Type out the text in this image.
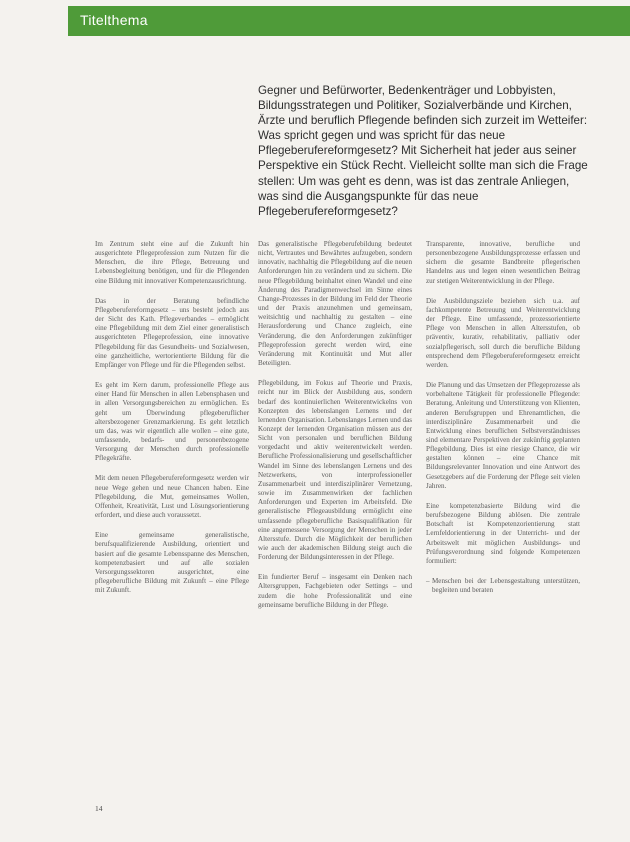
Titelthema

Gegner und Befürworter, Bedenkenträger und Lobbyisten, Bildungsstrategen und Politiker, Sozialverbände und Kirchen, Ärzte und beruflich Pflegende befinden sich zurzeit im Wetteifer: Was spricht gegen und was spricht für das neue Pflegeberufereformgesetz? Mit Sicherheit hat jeder aus seiner Perspektive ein Stück Recht. Vielleicht sollte man sich die Frage stellen: Um was geht es denn, was ist das zentrale Anliegen, was sind die Ausgangspunkte für das neue Pflegeberufereformgesetz?

Im Zentrum steht eine auf die Zukunft hin ausgerichtete Pflegeprofession zum Nutzen für die Menschen, die ihre Pflege, Betreuung und Lebensbegleitung benötigen, und für die Pflegenden eine Bildung mit innovativer Kompetenzausrichtung.

Das in der Beratung befindliche Pflegeberufereformgesetz – uns besteht jedoch aus der Sicht des Kath. Pflegeverbandes – ermöglicht eine Pflegebildung mit dem Ziel einer generalistisch ausgerichteten Pflegeprofession, eine innovative Pflegebildung für das Gesundheits- und Sozialwesen, eine ganzheitliche, wertorientierte Bildung für die Empfänger von Pflege und für die Pflegenden selbst.

Es geht im Kern darum, professionelle Pflege aus einer Hand für Menschen in allen Lebensphasen und in allen Versorgungsbereichen zu ermöglichen. Es geht um Überwindung pflegeberuflicher altersbezogener Grenzmarkierung. Es geht letztlich um das, was wir eigentlich alle wollen – eine gute, umfassende, bedarfs- und personenbezogene Versorgung der Menschen durch professionelle Pflegekräfte.

Mit dem neuen Pflegeberufereformgesetz werden wir neue Wege gehen und neue Chancen haben. Eine Pflegebildung, die Mut, gemeinsames Wollen, Offenheit, Kreativität, Lust und Lösungsorientierung erfordert, und diese auch voraussetzt.

Eine gemeinsame generalistische, berufsqualifizierende Ausbildung, orientiert und basiert auf die gesamte Lebensspanne des Menschen, kompetenzbasiert und auf alle sozialen Versorgungssektoren ausgerichtet, eine pflegeberufliche Bildung mit Zukunft – eine Pflege mit Zukunft.

Das generalistische Pflegeberufebildung bedeutet nicht, Vertrautes und Bewährtes aufzugeben, sondern innovativ, nachhaltig die Pflegebildung auf die neuen Anforderungen hin zu verändern und zu sichern. Die neue Pflegebildung beinhaltet einen Wandel und eine Änderung des Paradigmenwechsel im Sinne eines Change-Prozesses in der Bildung im Feld der Theorie und der Praxis anzunehmen und gemeinsam, weitsichtig und nachhaltig zu gestalten – eine Herausforderung und Chance zugleich, eine Veränderung, die den Anforderungen zukünftiger Pflegeprofession gerecht werden wird, eine Veränderung mit Kontinuität und Mut aller Beteiligten.

Pflegebildung, im Fokus auf Theorie und Praxis, reicht nur im Blick der Ausbildung aus, sondern bedarf des kontinuierlichen Weiterentwickelns von Konzepten des lebenslangen Lernens und der lernenden Organisation. Lebenslanges Lernen und das Konzept der lernenden Organisation müssen aus der Sicht von personalen und beruflichen Bildung vorgedacht und aktiv weiterentwickelt werden. Berufliche Professionalisierung und gesellschaftlicher Wandel im Sinne des lebenslangen Lernens und des Netzwerkens, von interprofessioneller Zusammenarbeit und interdisziplinärer Vernetzung, sowie im Zusammenwirken der fachlichen Anforderungen und Experten im Arbeitsfeld. Die generalistische Pflegeausbildung ermöglicht eine umfassende pflegeberufliche Basisqualifikation für eine angemessene Versorgung der Menschen in jeder Altersstufe. Durch die Möglichkeit der beruflichen wie auch der akademischen Bildung steigt auch die Forderung der Bildungsinteressen in der Pflege.

Ein fundierter Beruf – insgesamt ein Denken nach Altersgruppen, Fachgebieten oder Settings – und zudem die hohe Professionalität und eine gemeinsame berufliche Bildung in der Pflege.

Transparente, innovative, berufliche und personenbezogene Ausbildungsprozesse erfassen und sichern die gesamte Bandbreite pflegerischen Handelns aus und legen einen wesentlichen Beitrag zur stetigen Weiterentwicklung in der Pflege.

Die Ausbildungsziele beziehen sich u.a. auf fachkompetente Betreuung und Weiterentwicklung der Pflege. Eine umfassende, prozessorientierte Pflege von Menschen in allen Altersstufen, ob präventiv, kurativ, rehabilitativ, palliativ oder sozialpflegerisch, soll durch die berufliche Bildung entsprechend dem Pflegeberufereformgesetz erreicht werden.

Die Planung und das Umsetzen der Pflegeprozesse als vorbehaltene Tätigkeit für professionelle Pflegende: Beratung, Anleitung und Unterstützung von Klienten, anderen Berufsgruppen und Ehrenamtlichen, die interdisziplinäre Zusammenarbeit und die Entwicklung eines beruflichen Selbstverständnisses sind elementare Perspektiven der zukünftig geplanten Pflegebildung. Dies ist eine riesige Chance, die wir gestalten können – eine Chance mit Bildungsrelevanter Innovation und eine Antwort des Gesetzgebers auf die Forderung der Pflege seit vielen Jahren.

Eine kompetenzbasierte Bildung wird die berufsbezogene Bildung ablösen. Die zentrale Botschaft ist Kompetenzorientierung statt Lernfeldorientierung in der Unterricht- und der Arbeitswelt mit möglichen Ausbildungs- und Prüfungsverordnung sind folgende Kompetenzen formuliert:

– Menschen bei der Lebensgestaltung unterstützen, begleiten und beraten
14
